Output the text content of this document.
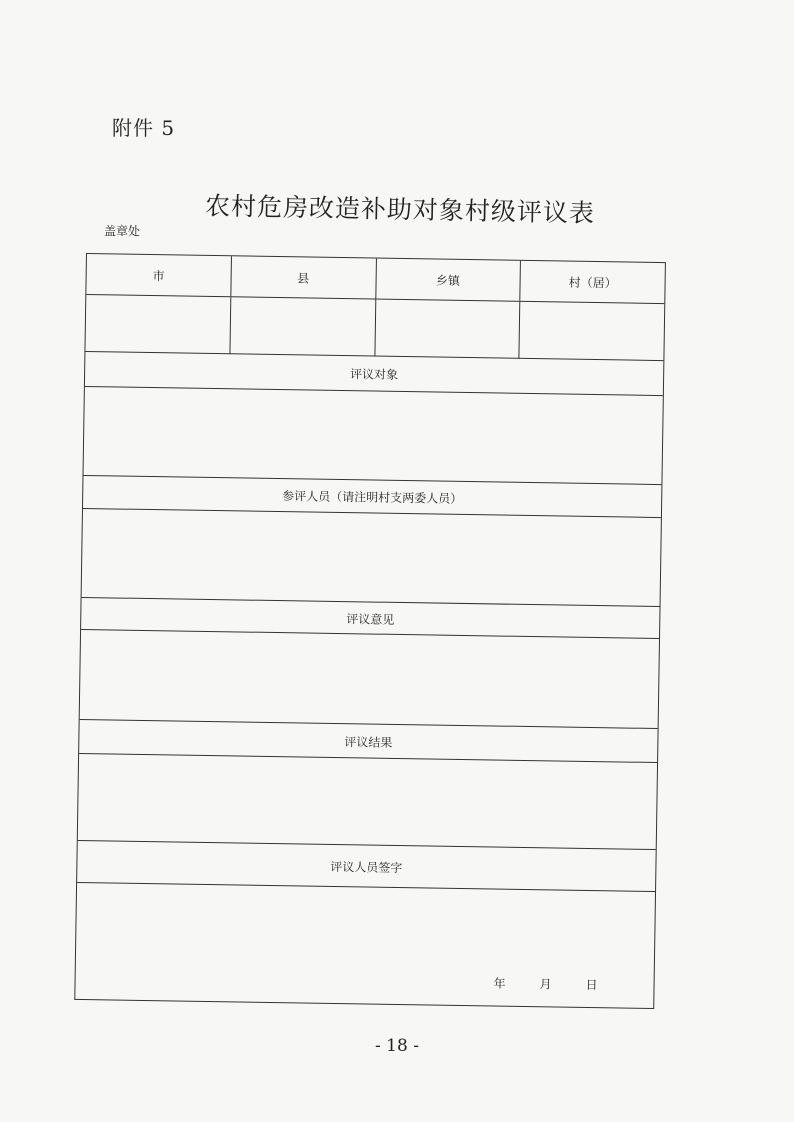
附件 5
农村危房改造补助对象村级评议表
盖章处
市	县	乡镇	村（居）
评议对象
参评人员（请注明村支两委人员）
评议意见
评议结果
评议人员签字
年	月	日
- 18 -
